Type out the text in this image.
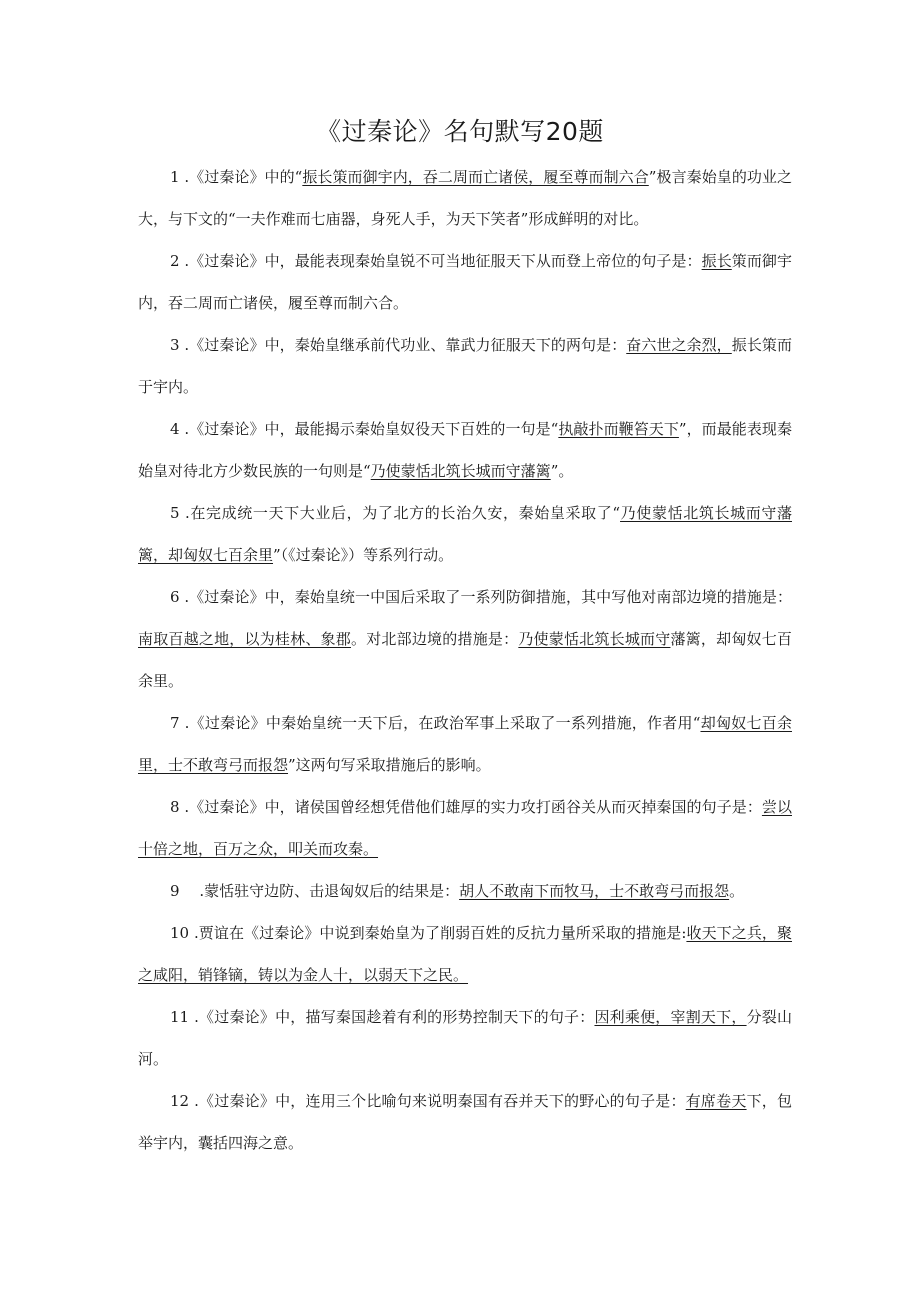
《过秦论》名句默写20题

1 .《过秦论》中的“振长策而御宇内，吞二周而亡诸侯，履至尊而制六合”极言秦始皇的功业之大，与下文的“一夫作难而七庙器，身死人手，为天下笑者”形成鲜明的对比。

2 .《过秦论》中，最能表现秦始皇锐不可当地征服天下从而登上帝位的句子是：振长策而御宇内，吞二周而亡诸侯，履至尊而制六合。

3 .《过秦论》中，秦始皇继承前代功业、靠武力征服天下的两句是：奋六世之余烈，振长策而于宇内。

4 .《过秦论》中，最能揭示秦始皇奴役天下百姓的一句是“执敲扑而鞭笞天下”，而最能表现秦始皇对待北方少数民族的一句则是“乃使蒙恬北筑长城而守藩篱”。

5 .在完成统一天下大业后，为了北方的长治久安，秦始皇采取了“乃使蒙恬北筑长城而守藩篱，却匈奴七百余里”（《过秦论》）等系列行动。

6 .《过秦论》中，秦始皇统一中国后采取了一系列防御措施，其中写他对南部边境的措施是：南取百越之地，以为桂林、象郡。对北部边境的措施是：乃使蒙恬北筑长城而守藩篱，却匈奴七百余里。

7 .《过秦论》中秦始皇统一天下后，在政治军事上采取了一系列措施，作者用“却匈奴七百余里，士不敢弯弓而报怨”这两句写采取措施后的影响。

8 .《过秦论》中，诸侯国曾经想凭借他们雄厚的实力攻打函谷关从而灭掉秦国的句子是：尝以十倍之地，百万之众，叩关而攻秦。

9  .蒙恬驻守边防、击退匈奴后的结果是：胡人不敢南下而牧马，士不敢弯弓而报怨。

10 .贾谊在《过秦论》中说到秦始皇为了削弱百姓的反抗力量所采取的措施是:收天下之兵，聚之咸阳，销锋镝，铸以为金人十，以弱天下之民。

11 .《过秦论》中，描写秦国趁着有利的形势控制天下的句子：因利乘便，宰割天下，分裂山河。

12 .《过秦论》中，连用三个比喻句来说明秦国有吞并天下的野心的句子是：有席卷天下，包举宇内，囊括四海之意。
